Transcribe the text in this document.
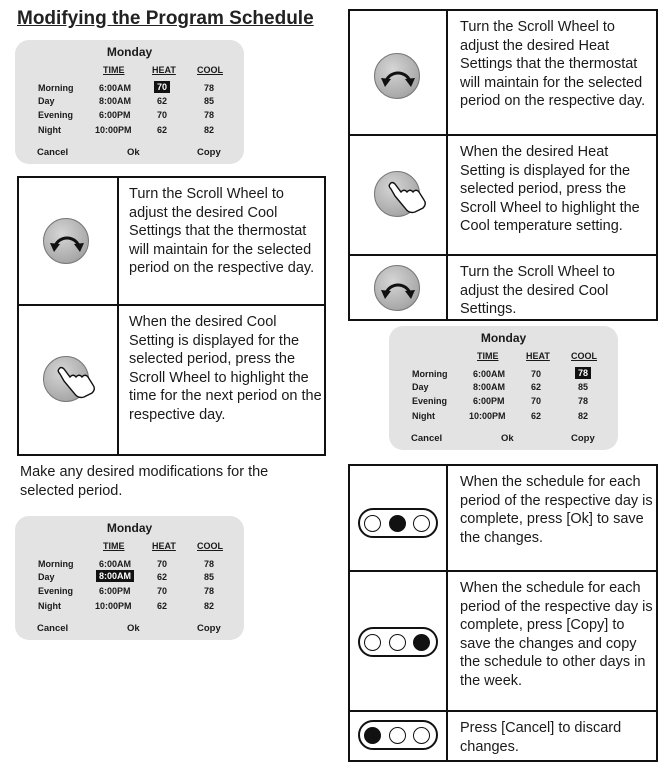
Modifying the Program Schedule
Monday
TIME	HEAT COOL
Morning	6:00AM	70	78
Day	8:00AM	62	85
Evening	6:00PM	70	78
Night	10:00PM	62	82
Cancel	Ok	Copy
Turn the Scroll Wheel to adjust the desired Cool Settings that the thermostat will maintain for the selected period on the respective day.
When the desired Cool Setting is displayed for the selected period, press the Scroll Wheel to highlight the time for the next period on the respective day.
Make any desired modifications for the selected period.
Monday
TIME	HEAT COOL
Morning	6:00AM	70	78
Day	8:00AM	62	85
Evening	6:00PM	70	78
Night	10:00PM	62	82
Cancel	Ok	Copy
Turn the Scroll Wheel to adjust the desired Heat Settings that the thermostat will maintain for the selected period on the respective day.
When the desired Heat Setting is displayed for the selected period, press the Scroll Wheel to highlight the Cool temperature setting.
Turn the Scroll Wheel to adjust the desired Cool Settings.
Monday
TIME	HEAT COOL
Morning	6:00AM	70	78
Day	8:00AM	62	85
Evening	6:00PM	70	78
Night	10:00PM	62	82
Cancel	Ok	Copy
When the schedule for each period of the respective day is complete, press [Ok] to save the changes.
When the schedule for each period of the respective day is complete, press [Copy] to save the changes and copy the schedule to other days in the week.
Press [Cancel] to discard changes.
